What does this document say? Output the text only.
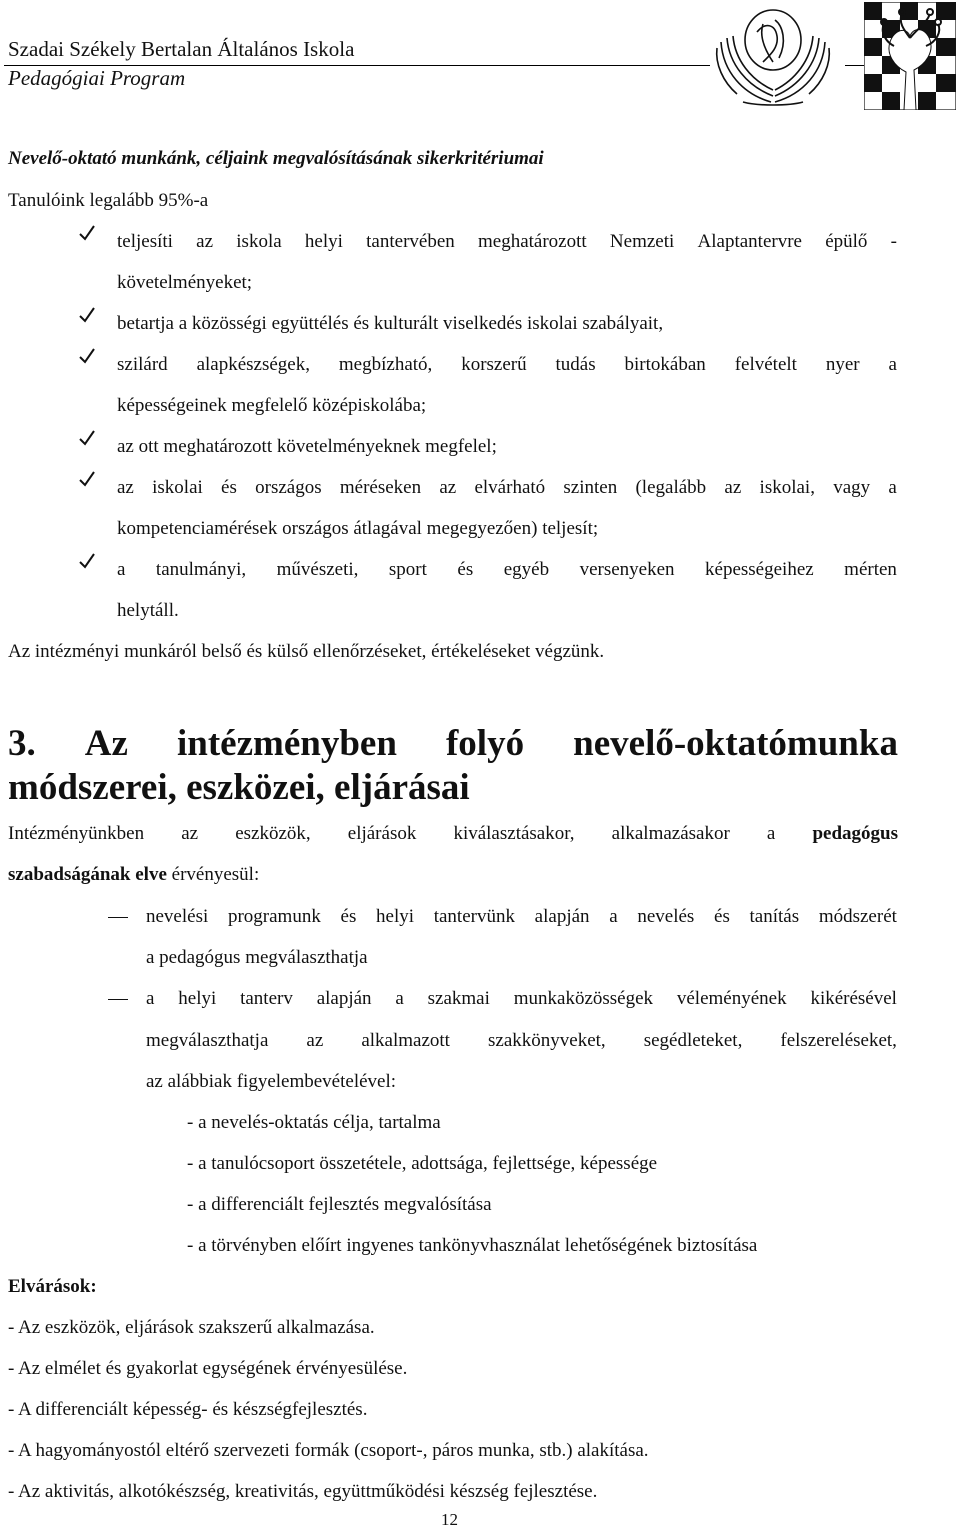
Szadai Székely Bertalan Általános Iskola
Pedagógiai Program
Nevelő-oktató munkánk, céljaink megvalósításának sikerkritériumai
Tanulóink legalább 95%-a
teljesíti az iskola helyi tantervében meghatározott Nemzeti Alaptantervre épülő -
követelményeket;
betartja a közösségi együttélés és kulturált viselkedés iskolai szabályait,
szilárd alapkészségek, megbízható, korszerű tudás birtokában felvételt nyer a
képességeinek megfelelő középiskolába;
az ott meghatározott követelményeknek megfelel;
az iskolai és országos méréseken az elvárható szinten (legalább az iskolai, vagy a
kompetenciamérések országos átlagával megegyezően) teljesít;
a tanulmányi, művészeti, sport és egyéb versenyeken képességeihez mérten
helytáll.
Az intézményi munkáról belső és külső ellenőrzéseket, értékeléseket végzünk.
3. Az intézményben folyó nevelő-oktatómunka
módszerei, eszközei, eljárásai
Intézményünkben az eszközök, eljárások kiválasztásakor, alkalmazásakor a pedagógus
szabadságának elve érvényesül:
nevelési programunk és helyi tantervünk alapján a nevelés és tanítás módszerét
a pedagógus megválaszthatja
a helyi tanterv alapján a szakmai munkaközösségek véleményének kikérésével
megválaszthatja az alkalmazott szakkönyveket, segédleteket, felszereléseket,
az alábbiak figyelembevételével:
- a nevelés-oktatás célja, tartalma
- a tanulócsoport összetétele, adottsága, fejlettsége, képessége
- a differenciált fejlesztés megvalósítása
- a törvényben előírt ingyenes tankönyvhasználat lehetőségének biztosítása
Elvárások:
- Az eszközök, eljárások szakszerű alkalmazása.
- Az elmélet és gyakorlat egységének érvényesülése.
- A differenciált képesség- és készségfejlesztés.
- A hagyományostól eltérő szervezeti formák (csoport-, páros munka, stb.) alakítása.
- Az aktivitás, alkotókészség, kreativitás, együttműködési készség fejlesztése.
12
